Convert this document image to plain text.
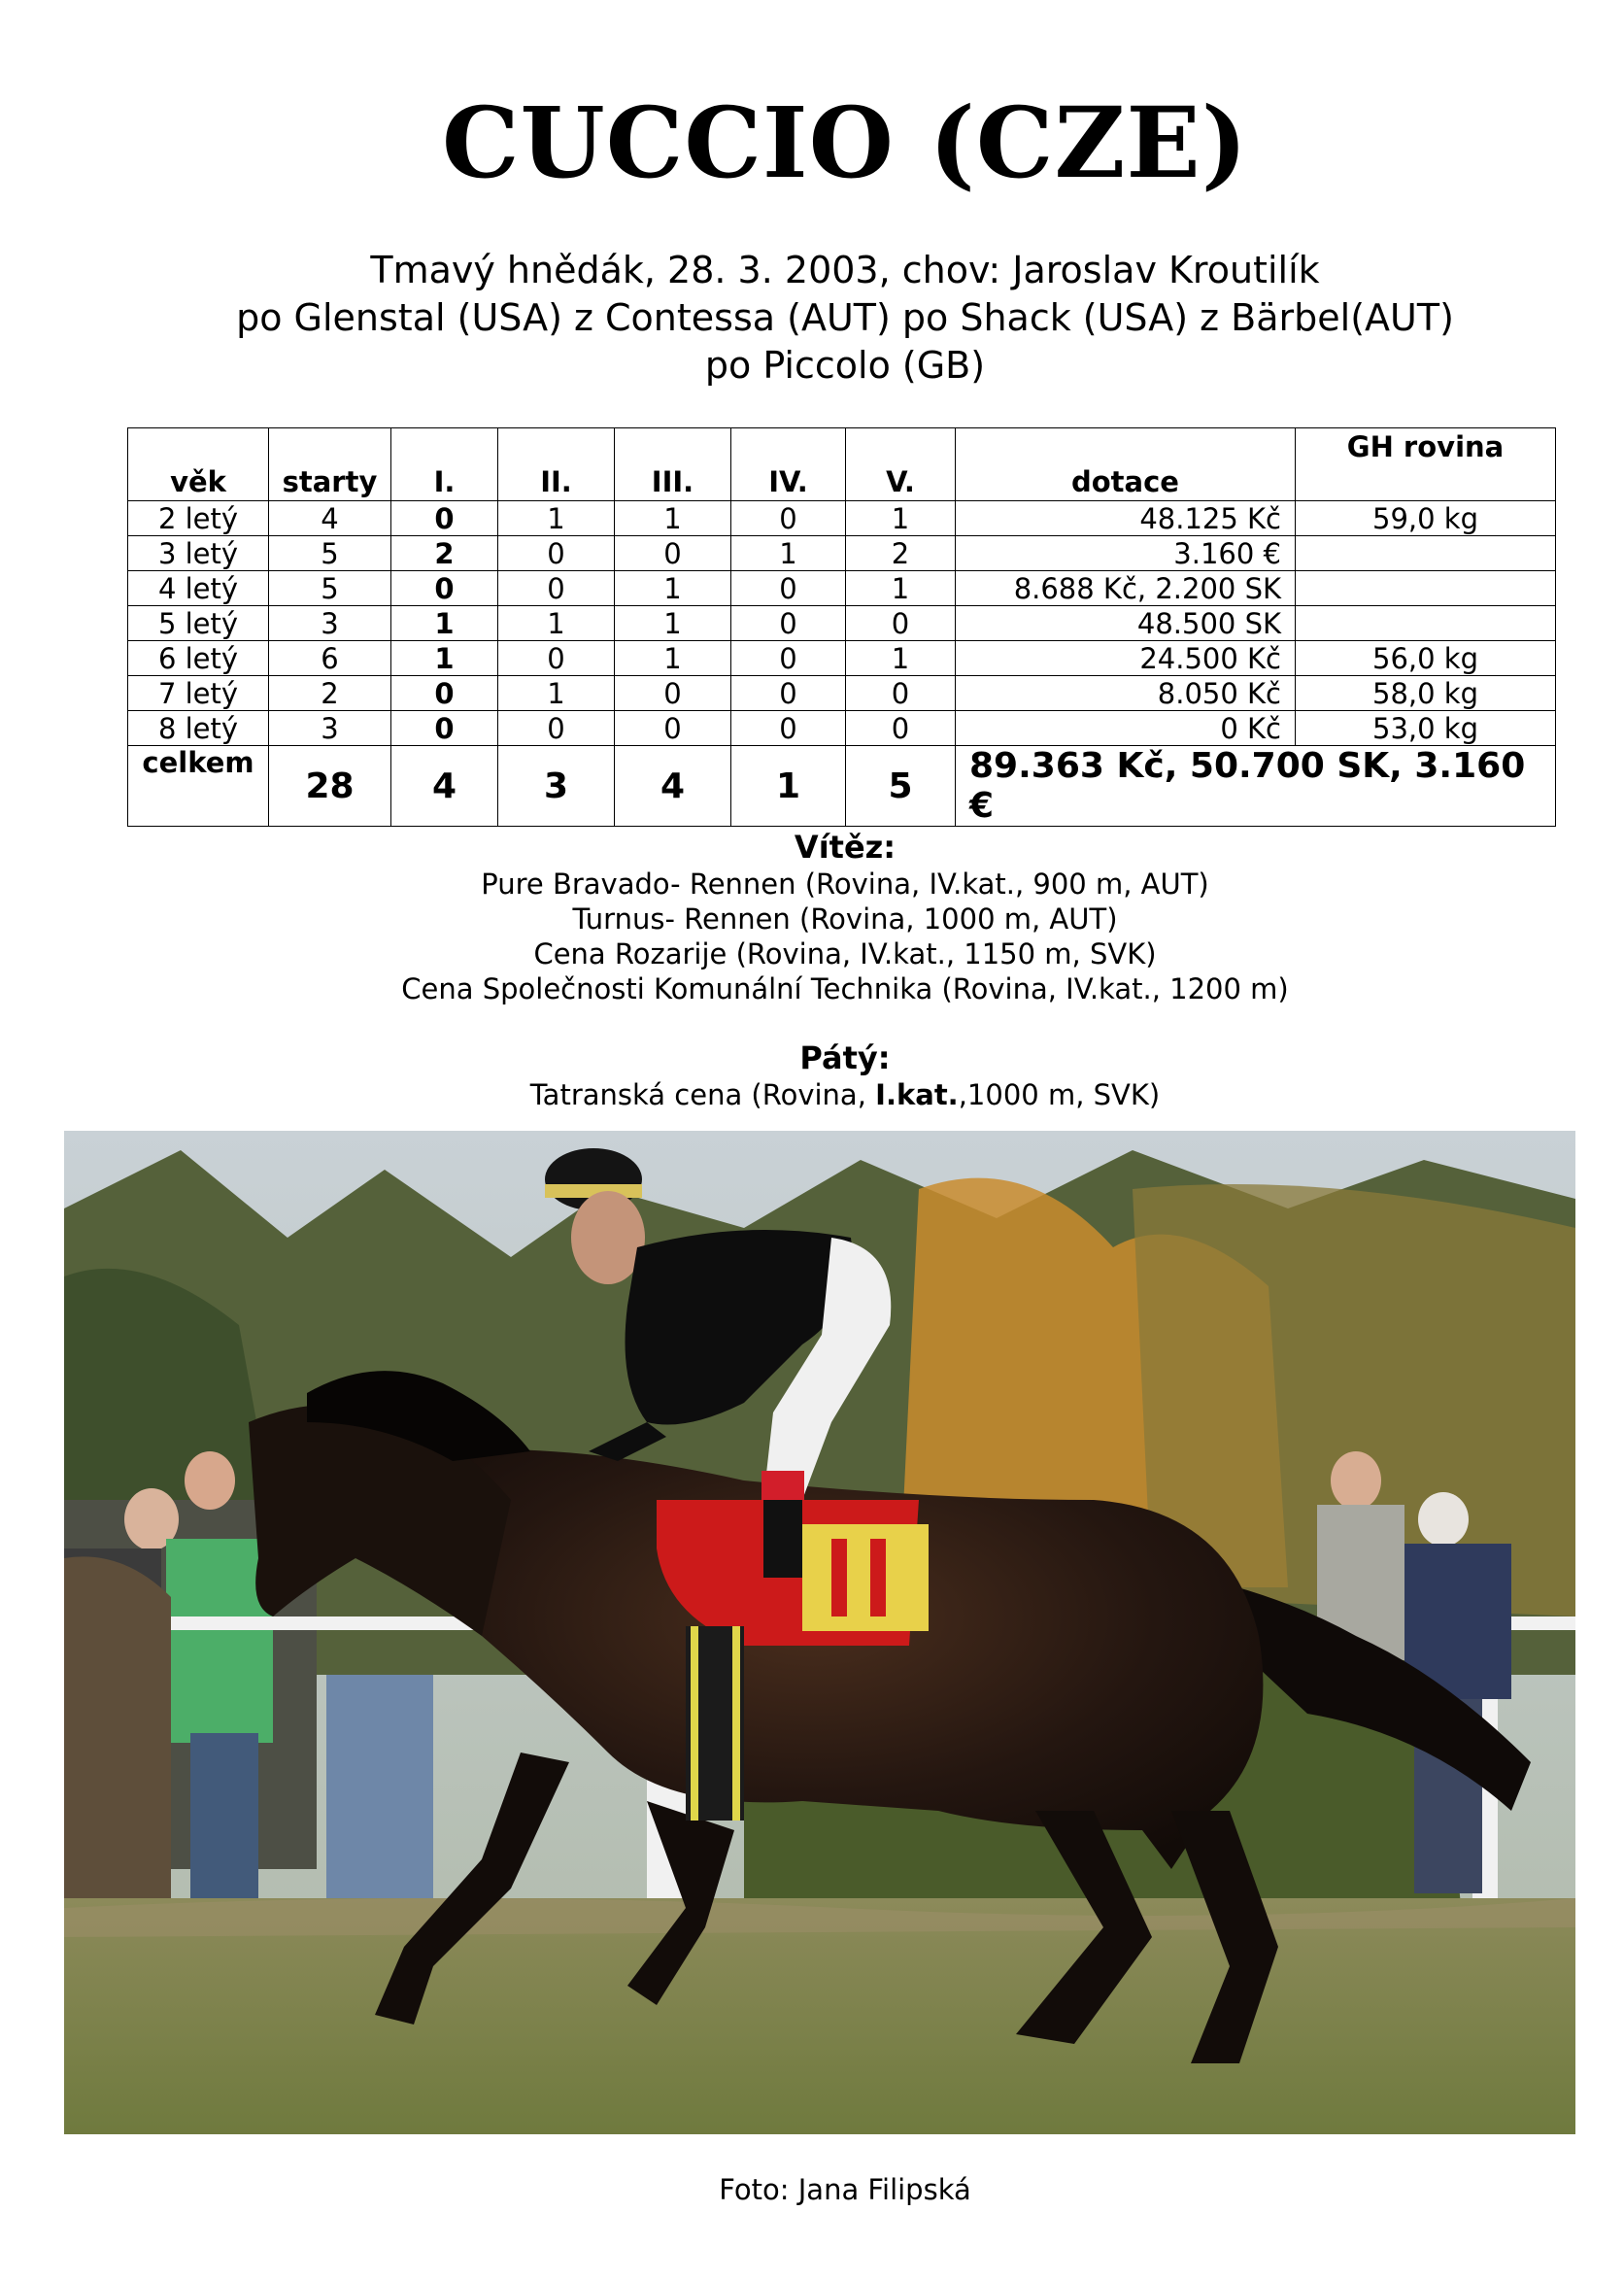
CUCCIO (CZE)
Tmavý hnědák, 28. 3. 2003, chov: Jaroslav Kroutilík
po Glenstal (USA) z Contessa (AUT) po Shack (USA) z Bärbel(AUT)
po Piccolo (GB)
věk	starty	I.	II.	III.	IV.	V.	dotace	GH rovina
2 letý	4	0	1	1	0	1	48.125 Kč	59,0 kg
3 letý	5	2	0	0	1	2	3.160 €	
4 letý	5	0	0	1	0	1	8.688 Kč, 2.200 SK	
5 letý	3	1	1	1	0	0	48.500 SK	
6 letý	6	1	0	1	0	1	24.500 Kč	56,0 kg
7 letý	2	0	1	0	0	0	8.050 Kč	58,0 kg
8 letý	3	0	0	0	0	0	0 Kč	53,0 kg
celkem	28	4	3	4	1	5	89.363 Kč, 50.700 SK, 3.160 €	
Vítěz:
Pure Bravado- Rennen (Rovina, IV.kat., 900 m, AUT)
Turnus- Rennen (Rovina, 1000 m, AUT)
Cena Rozarije (Rovina, IV.kat., 1150 m, SVK)
Cena Společnosti Komunální Technika (Rovina, IV.kat., 1200 m)
Pátý:
Tatranská cena (Rovina, I.kat.,1000 m, SVK)
Foto: Jana Filipská
